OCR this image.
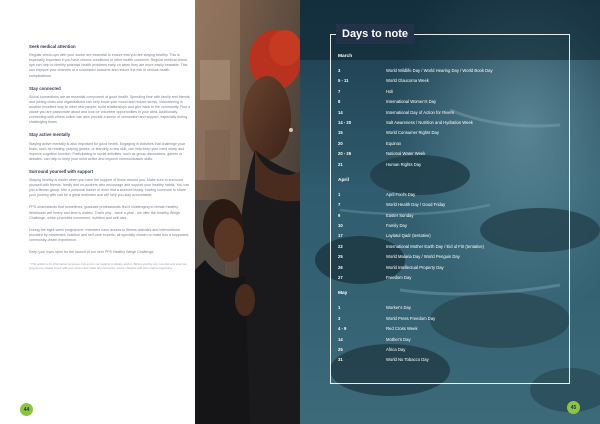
Seek medical attention
Regular check-ups with your doctor are essential to ensure that you are staying healthy. This is especially important if you have chronic conditions or other health concerns. Regular medical check-ups can help to identify potential health problems early on when they are more easily treatable. This can improve your chances of a successful outcome and reduce the risk of serious health complications.
Stay connected
Social connections are an essential component of good health. Spending time with family and friends, and joining clubs and organisations can help boost your mood and reduce stress. Volunteering is another excellent way to meet new people, build relationships and give back to the community. Find a cause you are passionate about and look for volunteer opportunities in your area. Additionally, connecting with others online can also provide a sense of connection and support, especially during challenging times.
Stay active mentally
Staying active mentally is also important for good health. Engaging in activities that challenge your brain, such as reading, playing games, or learning a new skill, can help keep your mind sharp and improve cognitive function. Participating in social activities, such as group discussions, games or debates, can help to keep your mind active and improve communication skills.
Surround yourself with support
Staying healthy is easier when you have the support of those around you. Make sure to surround yourself with friends, family and co-workers who encourage and support your healthy habits. You can join a fitness group, hire a personal trainer or even find a workout buddy. Having someone to share your journey with can be a great motivator and will help you stay accountable.
PPS understands that sometimes, graduate professionals find it challenging to remain healthy. Workloads are heavy and time is limited. That's why - twice a year - we offer the Healthy Weigh Challenge, which promotes movement, nutrition and self-care.
During the eight-week programme, members have access to fitness activities and interventions provided by movement, nutrition and self-care experts, all specially chosen to make this a supported, community-driven experience.
Keep your eyes open for the launch of our next PPS Healthy Weigh Challenge.
* This article is for information purposes only and is not medical or dietary advice. Before starting any new diet and exercise programme please check with your doctor and make any necessary and/or changes with them before beginning.
44
Days to note
March
3	World Wildlife Day / World Hearing Day / World Book Day
5 - 11	World Glaucoma Week
7	Holi
8	International Women's Day
14	International Day of Action for Rivers
14 - 20	Salt Awareness / Nutrition and Hydration Week
15	World Consumer Rights Day
20	Equinox
20 - 26	National Water Week
21	Human Rights Day
April
1	April Fool's Day
7	World Health Day / Good Friday
9	Easter Sunday
10	Family Day
17	Laylatul Qadr (tentative)
22	International Mother Earth Day / Eid ul Fitr (tentative)
25	World Malaria Day / World Penguin Day
26	World Intellectual Property Day
27	Freedom Day
May
1	Worker's Day
3	World Press Freedom Day
4 - 9	Red Cross Week
14	Mother's Day
25	Africa Day
31	World No Tobacco Day
45
